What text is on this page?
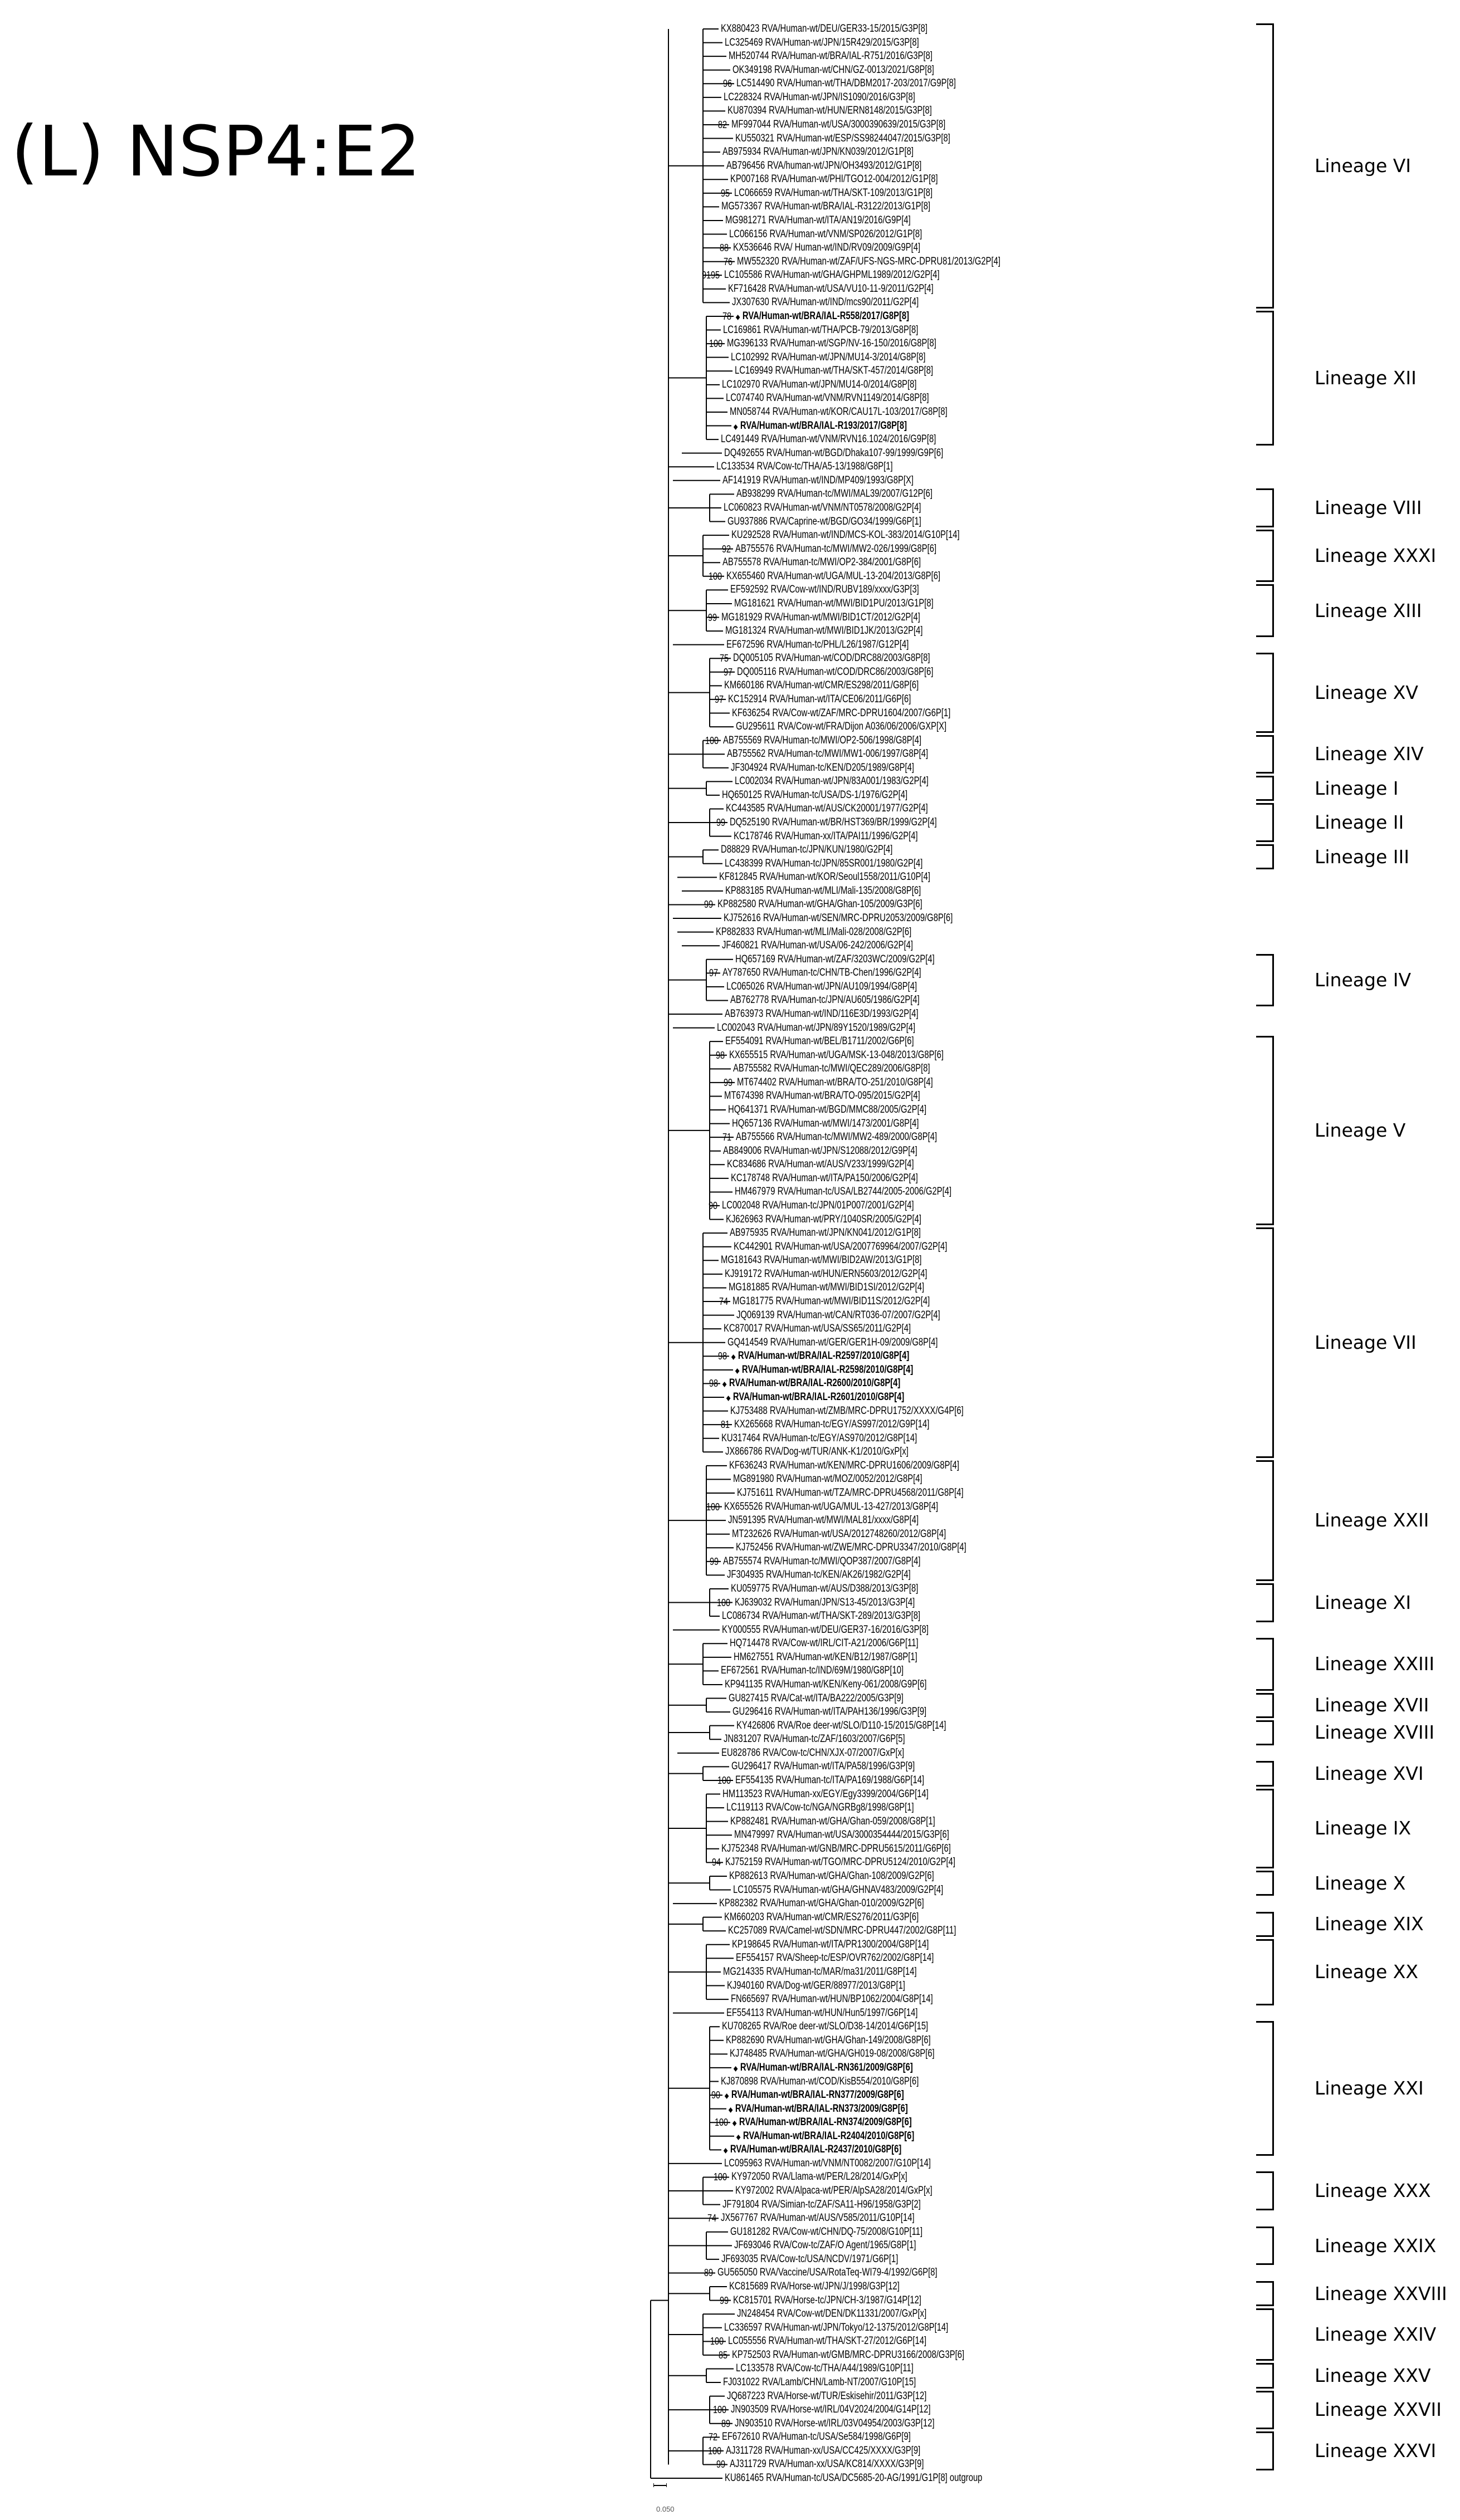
(L) NSP4:E2
KX880423 RVA/Human-wt/DEU/GER33-15/2015/G3P[8]
LC325469 RVA/Human-wt/JPN/15R429/2015/G3P[8]
MH520744 RVA/Human-wt/BRA/IAL-R751/2016/G3P[8]
OK349198 RVA/Human-wt/CHN/GZ-0013/2021/G8P[8]
LC514490 RVA/Human-wt/THA/DBM2017-203/2017/G9P[8]
96
LC228324 RVA/Human-wt/JPN/IS1090/2016/G3P[8]
KU870394 RVA/Human-wt/HUN/ERN8148/2015/G3P[8]
MF997044 RVA/Human-wt/USA/3000390639/2015/G3P[8]
82
KU550321 RVA/Human-wt/ESP/SS98244047/2015/G3P[8]
AB975934 RVA/Human-wt/JPN/KN039/2012/G1P[8]
AB796456 RVA/human-wt/JPN/OH3493/2012/G1P[8]
KP007168 RVA/Human-wt/PHI/TGO12-004/2012/G1P[8]
LC066659 RVA/Human-wt/THA/SKT-109/2013/G1P[8]
95
MG573367 RVA/Human-wt/BRA/IAL-R3122/2013/G1P[8]
MG981271 RVA/Human-wt/ITA/AN19/2016/G9P[4]
LC066156 RVA/Human-wt/VNM/SP026/2012/G1P[8]
KX536646 RVA/ Human-wt/IND/RV09/2009/G9P[4]
88
MW552320 RVA/Human-wt/ZAF/UFS-NGS-MRC-DPRU81/2013/G2P[4]
76
LC105586 RVA/Human-wt/GHA/GHPML1989/2012/G2P[4]
9195
KF716428 RVA/Human-wt/USA/VU10-11-9/2011/G2P[4]
JX307630 RVA/Human-wt/IND/mcs90/2011/G2P[4]
◆ RVA/Human-wt/BRA/IAL-R558/2017/G8P[8]
78
LC169861 RVA/Human-wt/THA/PCB-79/2013/G8P[8]
MG396133 RVA/Human-wt/SGP/NV-16-150/2016/G8P[8]
100
LC102992 RVA/Human-wt/JPN/MU14-3/2014/G8P[8]
LC169949 RVA/Human-wt/THA/SKT-457/2014/G8P[8]
LC102970 RVA/Human-wt/JPN/MU14-0/2014/G8P[8]
LC074740 RVA/Human-wt/VNM/RVN1149/2014/G8P[8]
MN058744 RVA/Human-wt/KOR/CAU17L-103/2017/G8P[8]
◆ RVA/Human-wt/BRA/IAL-R193/2017/G8P[8]
LC491449 RVA/Human-wt/VNM/RVN16.1024/2016/G9P[8]
DQ492655 RVA/Human-wt/BGD/Dhaka107-99/1999/G9P[6]
LC133534 RVA/Cow-tc/THA/A5-13/1988/G8P[1]
AF141919 RVA/Human-wt/IND/MP409/1993/G8P[X]
AB938299 RVA/Human-tc/MWI/MAL39/2007/G12P[6]
LC060823 RVA/Human-wt/VNM/NT0578/2008/G2P[4]
GU937886 RVA/Caprine-wt/BGD/GO34/1999/G6P[1]
KU292528 RVA/Human-wt/IND/MCS-KOL-383/2014/G10P[14]
AB755576 RVA/Human-tc/MWI/MW2-026/1999/G8P[6]
92
AB755578 RVA/Human-tc/MWI/OP2-384/2001/G8P[6]
KX655460 RVA/Human-wt/UGA/MUL-13-204/2013/G8P[6]
100
EF592592 RVA/Cow-wt/IND/RUBV189/xxxx/G3P[3]
MG181621 RVA/Human-wt/MWI/BID1PU/2013/G1P[8]
MG181929 RVA/Human-wt/MWI/BID1CT/2012/G2P[4]
99
MG181324 RVA/Human-wt/MWI/BID1JK/2013/G2P[4]
EF672596 RVA/Human-tc/PHL/L26/1987/G12P[4]
DQ005105 RVA/Human-wt/COD/DRC88/2003/G8P[8]
75
DQ005116 RVA/Human-wt/COD/DRC86/2003/G8P[6]
97
KM660186 RVA/Human-wt/CMR/ES298/2011/G8P[6]
KC152914 RVA/Human-wt/ITA/CE06/2011/G6P[6]
97
KF636254 RVA/Cow-wt/ZAF/MRC-DPRU1604/2007/G6P[1]
GU295611 RVA/Cow-wt/FRA/Dijon A036/06/2006/GXP[X]
AB755569 RVA/Human-tc/MWI/OP2-506/1998/G8P[4]
100
AB755562 RVA/Human-tc/MWI/MW1-006/1997/G8P[4]
JF304924 RVA/Human-tc/KEN/D205/1989/G8P[4]
LC002034 RVA/Human-wt/JPN/83A001/1983/G2P[4]
HQ650125 RVA/Human-tc/USA/DS-1/1976/G2P[4]
KC443585 RVA/Human-wt/AUS/CK20001/1977/G2P[4]
DQ525190 RVA/Human-wt/BR/HST369/BR/1999/G2P[4]
99
KC178746 RVA/Human-xx/ITA/PAI11/1996/G2P[4]
D88829 RVA/Human-tc/JPN/KUN/1980/G2P[4]
LC438399 RVA/Human-tc/JPN/85SR001/1980/G2P[4]
KF812845 RVA/Human-wt/KOR/Seoul1558/2011/G10P[4]
KP883185 RVA/Human-wt/MLI/Mali-135/2008/G8P[6]
KP882580 RVA/Human-wt/GHA/Ghan-105/2009/G3P[6]
99
KJ752616 RVA/Human-wt/SEN/MRC-DPRU2053/2009/G8P[6]
KP882833 RVA/Human-wt/MLI/Mali-028/2008/G2P[6]
JF460821 RVA/Human-wt/USA/06-242/2006/G2P[4]
HQ657169 RVA/Human-wt/ZAF/3203WC/2009/G2P[4]
AY787650 RVA/Human-tc/CHN/TB-Chen/1996/G2P[4]
97
LC065026 RVA/Human-wt/JPN/AU109/1994/G8P[4]
AB762778 RVA/Human-tc/JPN/AU605/1986/G2P[4]
AB763973 RVA/Human-wt/IND/116E3D/1993/G2P[4]
LC002043 RVA/Human-wt/JPN/89Y1520/1989/G2P[4]
EF554091 RVA/Human-wt/BEL/B1711/2002/G6P[6]
KX655515 RVA/Human-wt/UGA/MSK-13-048/2013/G8P[6]
98
AB755582 RVA/Human-tc/MWI/QEC289/2006/G8P[8]
MT674402 RVA/Human-wt/BRA/TO-251/2010/G8P[4]
99
MT674398 RVA/Human-wt/BRA/TO-095/2015/G2P[4]
HQ641371 RVA/Human-wt/BGD/MMC88/2005/G2P[4]
HQ657136 RVA/Human-wt/MWI/1473/2001/G8P[4]
AB755566 RVA/Human-tc/MWI/MW2-489/2000/G8P[4]
71
AB849006 RVA/Human-wt/JPN/S12088/2012/G9P[4]
KC834686 RVA/Human-wt/AUS/V233/1999/G2P[4]
KC178748 RVA/Human-wt/ITA/PA150/2006/G2P[4]
HM467979 RVA/Human-tc/USA/LB2744/2005-2006/G2P[4]
LC002048 RVA/Human-tc/JPN/01P007/2001/G2P[4]
90
KJ626963 RVA/Human-wt/PRY/1040SR/2005/G2P[4]
AB975935 RVA/Human-wt/JPN/KN041/2012/G1P[8]
KC442901 RVA/Human-wt/USA/2007769964/2007/G2P[4]
MG181643 RVA/Human-wt/MWI/BID2AW/2013/G1P[8]
KJ919172 RVA/Human-wt/HUN/ERN5603/2012/G2P[4]
MG181885 RVA/Human-wt/MWI/BID1SI/2012/G2P[4]
MG181775 RVA/Human-wt/MWI/BID11S/2012/G2P[4]
74
JQ069139 RVA/Human-wt/CAN/RT036-07/2007/G2P[4]
KC870017 RVA/Human-wt/USA/SS65/2011/G2P[4]
GQ414549 RVA/Human-wt/GER/GER1H-09/2009/G8P[4]
◆ RVA/Human-wt/BRA/IAL-R2597/2010/G8P[4]
98
◆ RVA/Human-wt/BRA/IAL-R2598/2010/G8P[4]
◆ RVA/Human-wt/BRA/IAL-R2600/2010/G8P[4]
98
◆ RVA/Human-wt/BRA/IAL-R2601/2010/G8P[4]
KJ753488 RVA/Human-wt/ZMB/MRC-DPRU1752/XXXX/G4P[6]
KX265668 RVA/Human-tc/EGY/AS997/2012/G9P[14]
81
KU317464 RVA/Human-tc/EGY/AS970/2012/G8P[14]
JX866786 RVA/Dog-wt/TUR/ANK-K1/2010/GxP[x]
KF636243 RVA/Human-wt/KEN/MRC-DPRU1606/2009/G8P[4]
MG891980 RVA/Human-wt/MOZ/0052/2012/G8P[4]
KJ751611 RVA/Human-wt/TZA/MRC-DPRU4568/2011/G8P[4]
KX655526 RVA/Human-wt/UGA/MUL-13-427/2013/G8P[4]
100
JN591395 RVA/Human-wt/MWI/MAL81/xxxx/G8P[4]
MT232626 RVA/Human-wt/USA/2012748260/2012/G8P[4]
KJ752456 RVA/Human-wt/ZWE/MRC-DPRU3347/2010/G8P[4]
AB755574 RVA/Human-tc/MWI/QOP387/2007/G8P[4]
99
JF304935 RVA/Human-tc/KEN/AK26/1982/G2P[4]
KU059775 RVA/Human-wt/AUS/D388/2013/G3P[8]
KJ639032 RVA/Human/JPN/S13-45/2013/G3P[4]
100
LC086734 RVA/Human-wt/THA/SKT-289/2013/G3P[8]
KY000555 RVA/Human-wt/DEU/GER37-16/2016/G3P[8]
HQ714478 RVA/Cow-wt/IRL/CIT-A21/2006/G6P[11]
HM627551 RVA/Human-wt/KEN/B12/1987/G8P[1]
EF672561 RVA/Human-tc/IND/69M/1980/G8P[10]
KP941135 RVA/Human-wt/KEN/Keny-061/2008/G9P[6]
GU827415 RVA/Cat-wt/ITA/BA222/2005/G3P[9]
GU296416 RVA/Human-wt/ITA/PAH136/1996/G3P[9]
KY426806 RVA/Roe deer-wt/SLO/D110-15/2015/G8P[14]
JN831207 RVA/Human-tc/ZAF/1603/2007/G6P[5]
EU828786 RVA/Cow-tc/CHN/XJX-07/2007/GxP[x]
GU296417 RVA/Human-wt/ITA/PA58/1996/G3P[9]
EF554135 RVA/Human-tc/ITA/PA169/1988/G6P[14]
100
HM113523 RVA/Human-xx/EGY/Egy3399/2004/G6P[14]
LC119113 RVA/Cow-tc/NGA/NGRBg8/1998/G8P[1]
KP882481 RVA/Human-wt/GHA/Ghan-059/2008/G8P[1]
MN479997 RVA/Human-wt/USA/3000354444/2015/G3P[6]
KJ752348 RVA/Human-wt/GNB/MRC-DPRU5615/2011/G6P[6]
KJ752159 RVA/Human-wt/TGO/MRC-DPRU5124/2010/G2P[4]
94
KP882613 RVA/Human-wt/GHA/Ghan-108/2009/G2P[6]
LC105575 RVA/Human-wt/GHA/GHNAV483/2009/G2P[4]
KP882382 RVA/Human-wt/GHA/Ghan-010/2009/G2P[6]
KM660203 RVA/Human-wt/CMR/ES276/2011/G3P[6]
KC257089 RVA/Camel-wt/SDN/MRC-DPRU447/2002/G8P[11]
KP198645 RVA/Human-wt/ITA/PR1300/2004/G8P[14]
EF554157 RVA/Sheep-tc/ESP/OVR762/2002/G8P[14]
MG214335 RVA/Human-tc/MAR/ma31/2011/G8P[14]
KJ940160 RVA/Dog-wt/GER/88977/2013/G8P[1]
FN665697 RVA/Human-wt/HUN/BP1062/2004/G8P[14]
EF554113 RVA/Human-wt/HUN/Hun5/1997/G6P[14]
KU708265 RVA/Roe deer-wt/SLO/D38-14/2014/G6P[15]
KP882690 RVA/Human-wt/GHA/Ghan-149/2008/G8P[6]
KJ748485 RVA/Human-wt/GHA/GH019-08/2008/G8P[6]
◆ RVA/Human-wt/BRA/IAL-RN361/2009/G8P[6]
KJ870898 RVA/Human-wt/COD/KisB554/2010/G8P[6]
◆ RVA/Human-wt/BRA/IAL-RN377/2009/G8P[6]
90
◆ RVA/Human-wt/BRA/IAL-RN373/2009/G8P[6]
◆ RVA/Human-wt/BRA/IAL-RN374/2009/G8P[6]
100
◆ RVA/Human-wt/BRA/IAL-R2404/2010/G8P[6]
◆ RVA/Human-wt/BRA/IAL-R2437/2010/G8P[6]
LC095963 RVA/Human-wt/VNM/NT0082/2007/G10P[14]
KY972050 RVA/Llama-wt/PER/L28/2014/GxP[x]
100
KY972002 RVA/Alpaca-wt/PER/AlpSA28/2014/GxP[x]
JF791804 RVA/Simian-tc/ZAF/SA11-H96/1958/G3P[2]
JX567767 RVA/Human-wt/AUS/V585/2011/G10P[14]
74
GU181282 RVA/Cow-wt/CHN/DQ-75/2008/G10P[11]
JF693046 RVA/Cow-tc/ZAF/O Agent/1965/G8P[1]
JF693035 RVA/Cow-tc/USA/NCDV/1971/G6P[1]
GU565050 RVA/Vaccine/USA/RotaTeq-WI79-4/1992/G6P[8]
89
KC815689 RVA/Horse-wt/JPN/J/1998/G3P[12]
KC815701 RVA/Horse-tc/JPN/CH-3/1987/G14P[12]
99
JN248454 RVA/Cow-wt/DEN/DK11331/2007/GxP[x]
LC336597 RVA/Human-wt/JPN/Tokyo/12-1375/2012/G8P[14]
LC055556 RVA/Human-wt/THA/SKT-27/2012/G6P[14]
100
KP752503 RVA/Human-wt/GMB/MRC-DPRU3166/2008/G3P[6]
85
LC133578 RVA/Cow-tc/THA/A44/1989/G10P[11]
FJ031022 RVA/Lamb/CHN/Lamb-NT/2007/G10P[15]
JQ687223 RVA/Horse-wt/TUR/Eskisehir/2011/G3P[12]
JN903509 RVA/Horse-wt/IRL/04V2024/2004/G14P[12]
100
JN903510 RVA/Horse-wt/IRL/03V04954/2003/G3P[12]
89
EF672610 RVA/Human-tc/USA/Se584/1998/G6P[9]
72
AJ311728 RVA/Human-xx/USA/CC425/XXXX/G3P[9]
100
AJ311729 RVA/Human-xx/USA/KC814/XXXX/G3P[9]
99
KU861465 RVA/Human-tc/USA/DC5685-20-AG/1991/G1P[8] outgroup
Lineage VI
Lineage XII
Lineage VIII
Lineage XXXI
Lineage XIII
Lineage XV
Lineage XIV
Lineage I
Lineage II
Lineage III
Lineage IV
Lineage V
Lineage VII
Lineage XXII
Lineage XI
Lineage XXIII
Lineage XVII
Lineage XVIII
Lineage XVI
Lineage IX
Lineage X
Lineage XIX
Lineage XX
Lineage XXI
Lineage XXX
Lineage XXIX
Lineage XXVIII
Lineage XXIV
Lineage XXV
Lineage XXVII
Lineage XXVI
0.050
